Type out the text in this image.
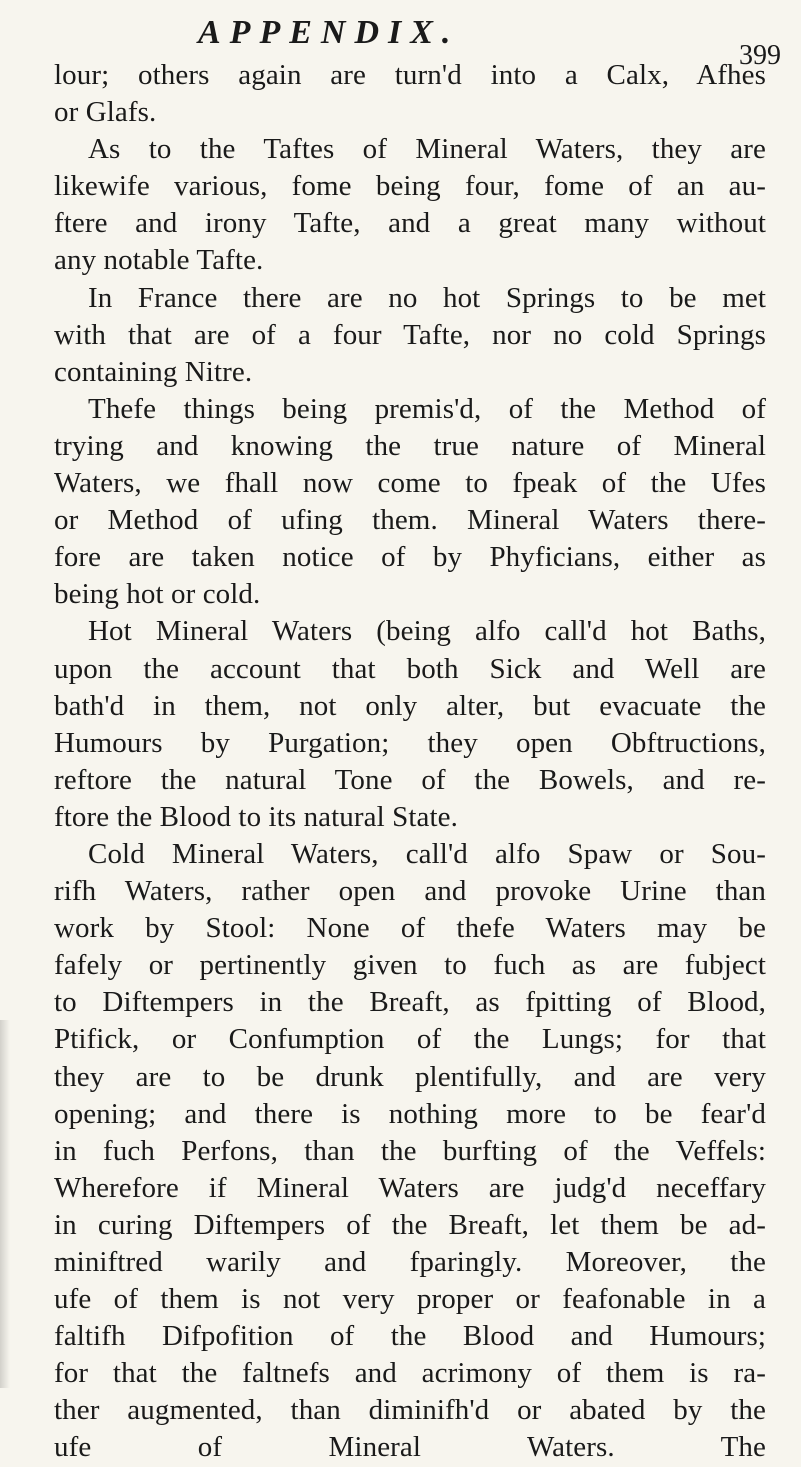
APPENDIX.
399
lour; others again are turn'd into a Calx, Afhes
or Glafs.
As to the Taftes of Mineral Waters, they are
likewife various, fome being four, fome of an au-
ftere and irony Tafte, and a great many without
any notable Tafte.
In France there are no hot Springs to be met
with that are of a four Tafte, nor no cold Springs
containing Nitre.
Thefe things being premis'd, of the Method of
trying and knowing the true nature of Mineral
Waters, we fhall now come to fpeak of the Ufes
or Method of ufing them. Mineral Waters there-
fore are taken notice of by Phyficians, either as
being hot or cold.
Hot Mineral Waters (being alfo call'd hot Baths,
upon the account that both Sick and Well are
bath'd in them, not only alter, but evacuate the
Humours by Purgation; they open Obftructions,
reftore the natural Tone of the Bowels, and re-
ftore the Blood to its natural State.
Cold Mineral Waters, call'd alfo Spaw or Sou-
rifh Waters, rather open and provoke Urine than
work by Stool: None of thefe Waters may be
fafely or pertinently given to fuch as are fubject
to Diftempers in the Breaft, as fpitting of Blood,
Ptifick, or Confumption of the Lungs; for that
they are to be drunk plentifully, and are very
opening; and there is nothing more to be fear'd
in fuch Perfons, than the burfting of the Veffels:
Wherefore if Mineral Waters are judg'd neceffary
in curing Diftempers of the Breaft, let them be ad-
miniftred warily and fparingly. Moreover, the
ufe of them is not very proper or feafonable in a
faltifh Difpofition of the Blood and Humours;
for that the faltnefs and acrimony of them is ra-
ther augmented, than diminifh'd or abated by the
ufe of Mineral Waters. The
